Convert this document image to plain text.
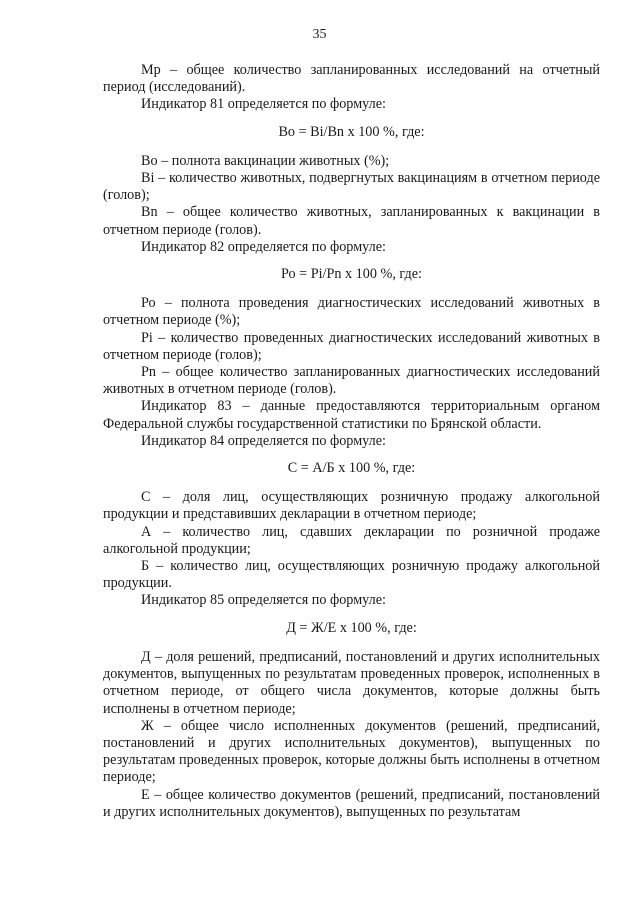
35

Мр – общее количество запланированных исследований на отчетный период (исследований).

Индикатор 81 определяется по формуле:

Во = Вi/Вn х 100 %, где:

Во – полнота вакцинации животных (%);

Вi – количество животных, подвергнутых вакцинациям в отчетном периоде (голов);

Вn – общее количество животных, запланированных к вакцинации в отчетном периоде (голов).

Индикатор 82 определяется по формуле:

Ро = Рi/Рn х 100 %, где:

Ро – полнота проведения диагностических исследований животных в отчетном периоде (%);

Рi – количество проведенных диагностических исследований животных в отчетном периоде (голов);

Рn – общее количество запланированных диагностических исследований животных в отчетном периоде (голов).

Индикатор 83 – данные предоставляются территориальным органом Федеральной службы государственной статистики по Брянской области.

Индикатор 84 определяется по формуле:

С = А/Б х 100 %, где:

С – доля лиц, осуществляющих розничную продажу алкогольной продукции и представивших декларации в отчетном периоде;

А – количество лиц, сдавших декларации по розничной продаже алкогольной продукции;

Б – количество лиц, осуществляющих розничную продажу алкогольной продукции.

Индикатор 85 определяется по формуле:

Д = Ж/Е х 100 %, где:

Д – доля решений, предписаний, постановлений и других исполнительных документов, выпущенных по результатам проведенных проверок, исполненных в отчетном периоде, от общего числа документов, которые должны быть исполнены в отчетном периоде;

Ж – общее число исполненных документов (решений, предписаний, постановлений и других исполнительных документов), выпущенных по результатам проведенных проверок, которые должны быть исполнены в отчетном периоде;

Е – общее количество документов (решений, предписаний, постановлений и других исполнительных документов), выпущенных по результатам
